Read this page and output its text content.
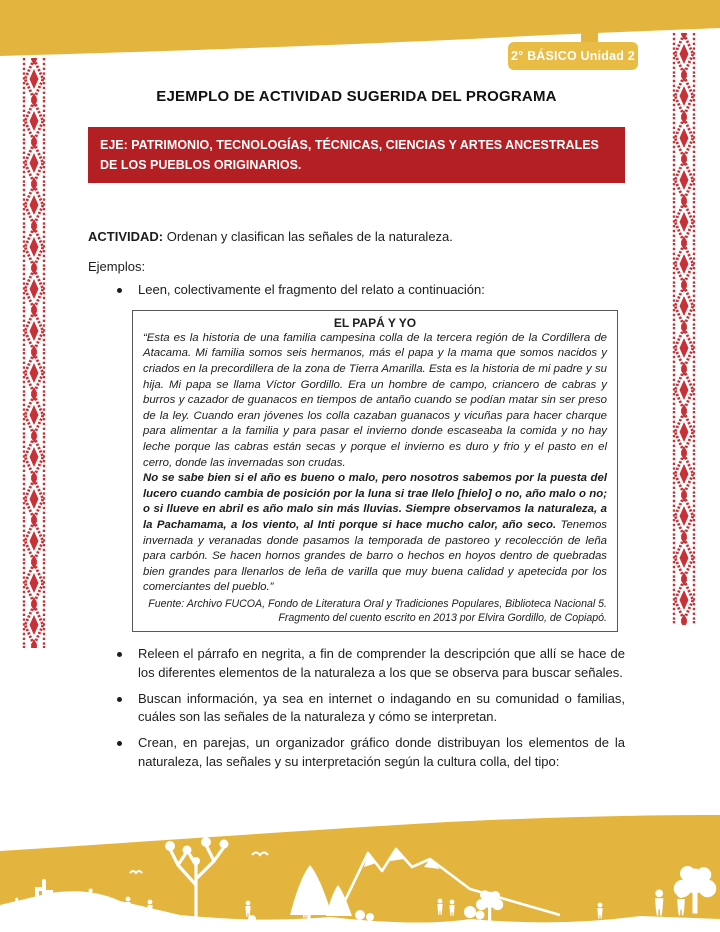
2° BÁSICO Unidad 2
EJEMPLO DE ACTIVIDAD SUGERIDA DEL PROGRAMA
EJE: PATRIMONIO, TECNOLOGÍAS, TÉCNICAS, CIENCIAS Y ARTES ANCESTRALES DE LOS PUEBLOS ORIGINARIOS.
ACTIVIDAD: Ordenan y clasifican las señales de la naturaleza.
Ejemplos:
Leen, colectivamente el fragmento del relato a continuación:
EL PAPÁ Y YO

“Esta es la historia de una familia campesina colla de la tercera región de la Cordillera de Atacama. Mi familia somos seis hermanos, más el papa y la mama que somos nacidos y criados en la precordillera de la zona de Tierra Amarilla. Esta es la historia de mi padre y su hija. Mi papa se llama Víctor Gordillo. Era un hombre de campo, criancero de cabras y burros y cazador de guanacos en tiempos de antaño cuando se podían matar sin ser preso de la ley. Cuando eran jóvenes los colla cazaban guanacos y vicuñas para hacer charque para alimentar a la familia y para pasar el invierno donde escaseaba la comida y no hay leche porque las cabras están secas y porque el invierno es duro y frio y el pasto en el cerro, donde las invernadas son crudas.

No se sabe bien si el año es bueno o malo, pero nosotros sabemos por la puesta del lucero cuando cambia de posición por la luna si trae llelo [hielo] o no, año malo o no; o si llueve en abril es año malo sin más lluvias. Siempre observamos la naturaleza, a la Pachamama, a los viento, al Inti porque si hace mucho calor, año seco. Tenemos invernada y veranadas donde pasamos la temporada de pastoreo y recolección de leña para carbón. Se hacen hornos grandes de barro o hechos en hoyos dentro de quebradas bien grandes para llenarlos de leña de varilla que muy buena calidad y apetecida por los comerciantes del pueblo.”

Fuente: Archivo FUCOA, Fondo de Literatura Oral y Tradiciones Populares, Biblioteca Nacional 5. Fragmento del cuento escrito en 2013 por Elvira Gordillo, de Copiapó.

Releen el párrafo en negrita, a fin de comprender la descripción que allí se hace de los diferentes elementos de la naturaleza a los que se observa para buscar señales.
Buscan información, ya sea en internet o indagando en su comunidad o familias, cuáles son las señales de la naturaleza y cómo se interpretan.
Crean, en parejas, un organizador gráfico donde distribuyan los elementos de la naturaleza, las señales y su interpretación según la cultura colla, del tipo:
